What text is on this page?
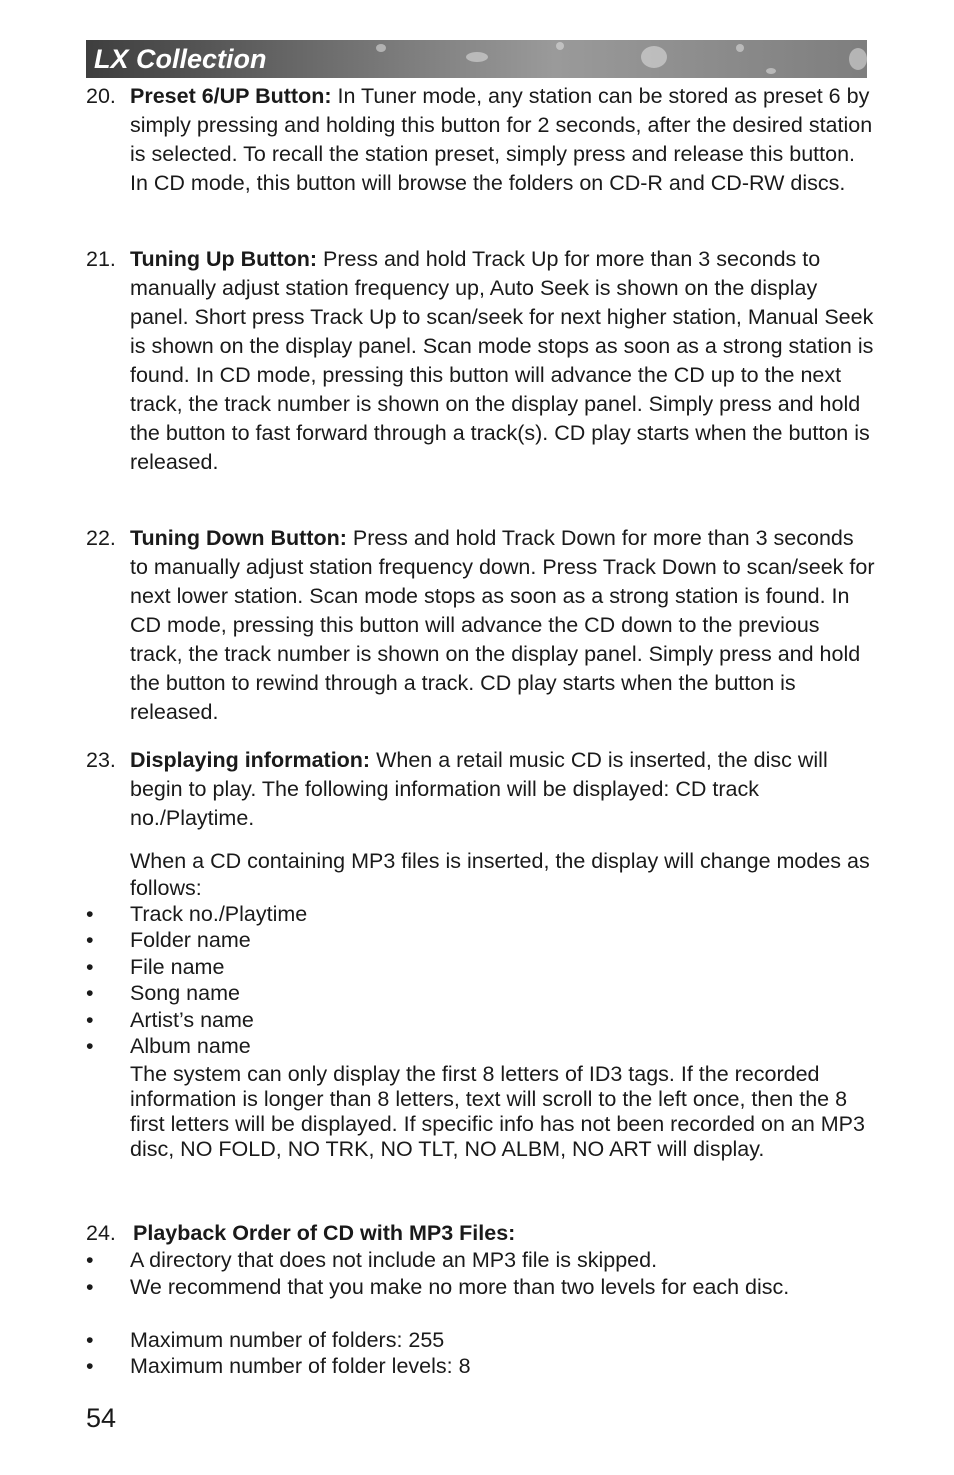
LX Collection
20. Preset 6/UP Button: In Tuner mode, any station can be stored as preset 6 by simply pressing and holding this button for 2 seconds, after the desired station is selected. To recall the station preset, simply press and release this button. In CD mode, this button will browse the folders on CD-R and CD-RW discs.
21. Tuning Up Button: Press and hold Track Up for more than 3 seconds to manually adjust station frequency up, Auto Seek is shown on the display panel. Short press Track Up to scan/seek for next higher station, Manual Seek is shown on the display panel. Scan mode stops as soon as a strong station is found. In CD mode, pressing this button will advance the CD up to the next track, the track number is shown on the display panel. Simply press and hold the button to fast forward through a track(s). CD play starts when the button is released.
22. Tuning Down Button: Press and hold Track Down for more than 3 seconds to manually adjust station frequency down. Press Track Down to scan/seek for next lower station. Scan mode stops as soon as a strong station is found. In CD mode, pressing this button will advance the CD down to the previous track, the track number is shown on the display panel. Simply press and hold the button to rewind through a track. CD play starts when the button is released.
23. Displaying information: When a retail music CD is inserted, the disc will begin to play. The following information will be displayed: CD track no./Playtime.
When a CD containing MP3 files is inserted, the display will change modes as follows:
• Track no./Playtime
• Folder name
• File name
• Song name
• Artist’s name
• Album name
The system can only display the first 8 letters of ID3 tags. If the recorded information is longer than 8 letters, text will scroll to the left once, then the 8 first letters will be displayed. If specific info has not been recorded on an MP3 disc, NO FOLD, NO TRK, NO TLT, NO ALBM, NO ART will display.
24. Playback Order of CD with MP3 Files:
• A directory that does not include an MP3 file is skipped.
• We recommend that you make no more than two levels for each disc.
• Maximum number of folders: 255
• Maximum number of folder levels: 8
54
